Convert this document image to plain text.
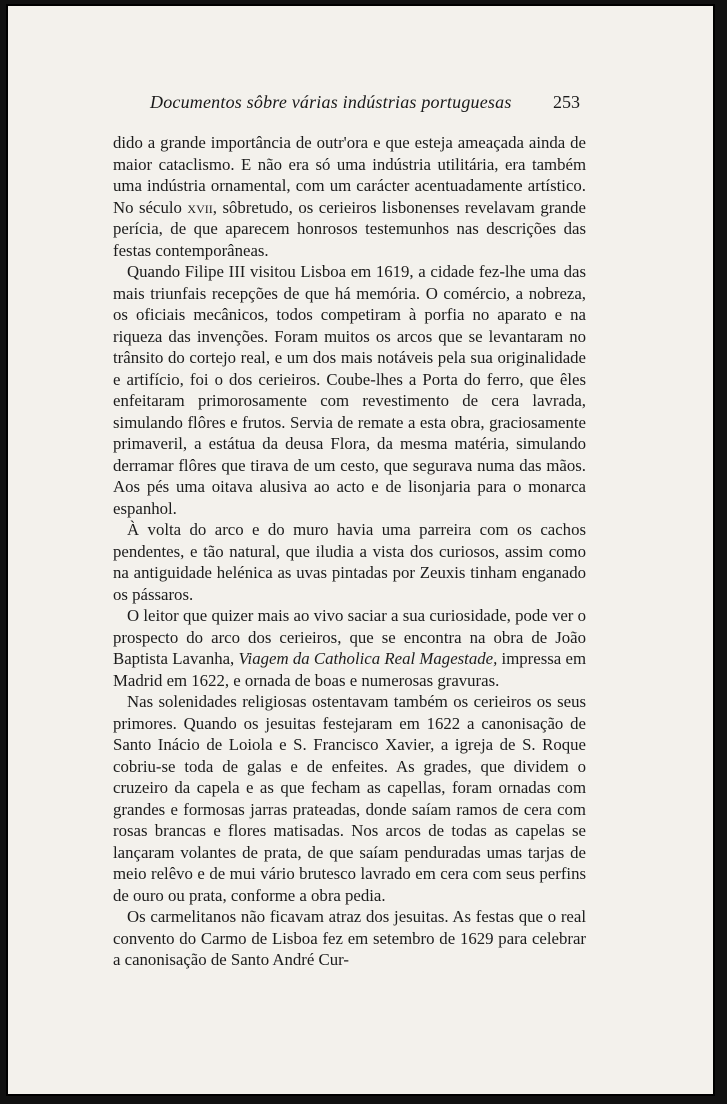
Documentos sôbre várias indústrias portuguesas 253

dido a grande importância de outr'ora e que esteja ameaçada ainda de maior cataclismo. E não era só uma indústria utilitária, era também uma indústria ornamental, com um carácter acentuadamente artístico. No século xvii, sôbretudo, os cerieiros lisbonenses revelavam grande perícia, de que aparecem honrosos testemunhos nas descrições das festas contemporâneas.

Quando Filipe III visitou Lisboa em 1619, a cidade fez-lhe uma das mais triunfais recepções de que há memória. O comércio, a nobreza, os oficiais mecânicos, todos competiram à porfia no aparato e na riqueza das invenções. Foram muitos os arcos que se levantaram no trânsito do cortejo real, e um dos mais notáveis pela sua originalidade e artifício, foi o dos cerieiros. Coube-lhes a Porta do ferro, que êles enfeitaram primorosamente com revestimento de cera lavrada, simulando flôres e frutos. Servia de remate a esta obra, graciosamente primaveril, a estátua da deusa Flora, da mesma matéria, simulando derramar flôres que tirava de um cesto, que segurava numa das mãos. Aos pés uma oitava alusiva ao acto e de lisonjaria para o monarca espanhol.

À volta do arco e do muro havia uma parreira com os cachos pendentes, e tão natural, que iludia a vista dos curiosos, assim como na antiguidade helénica as uvas pintadas por Zeuxis tinham enganado os pássaros.

O leitor que quizer mais ao vivo saciar a sua curiosidade, pode ver o prospecto do arco dos cerieiros, que se encontra na obra de João Baptista Lavanha, Viagem da Catholica Real Magestade, impressa em Madrid em 1622, e ornada de boas e numerosas gravuras.

Nas solenidades religiosas ostentavam também os cerieiros os seus primores. Quando os jesuitas festejaram em 1622 a canonisação de Santo Inácio de Loiola e S. Francisco Xavier, a igreja de S. Roque cobriu-se toda de galas e de enfeites. As grades, que dividem o cruzeiro da capela e as que fecham as capellas, foram ornadas com grandes e formosas jarras prateadas, donde saíam ramos de cera com rosas brancas e flores matisadas. Nos arcos de todas as capelas se lançaram volantes de prata, de que saíam penduradas umas tarjas de meio relêvo e de mui vário brutesco lavrado em cera com seus perfins de ouro ou prata, conforme a obra pedia.

Os carmelitanos não ficavam atraz dos jesuitas. As festas que o real convento do Carmo de Lisboa fez em setembro de 1629 para celebrar a canonisação de Santo André Cur-
